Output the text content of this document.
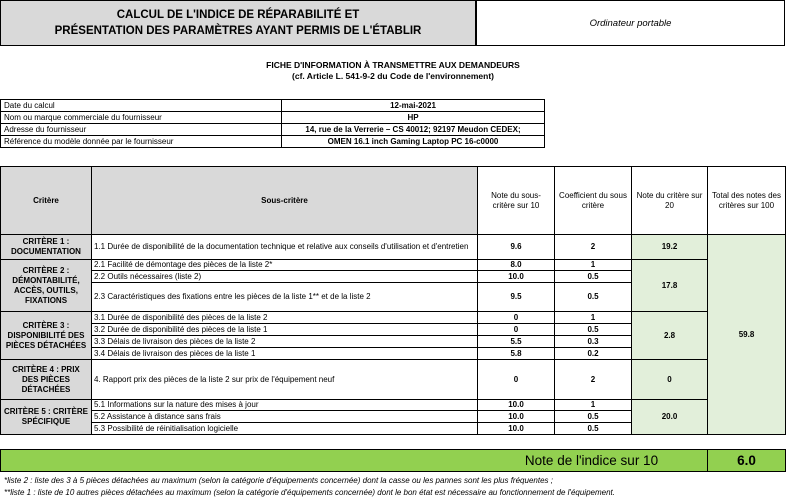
CALCUL DE L'INDICE DE RÉPARABILITÉ ET
PRÉSENTATION DES PARAMÈTRES AYANT PERMIS DE L'ÉTABLIR
Ordinateur portable
FICHE D'INFORMATION À TRANSMETTRE AUX DEMANDEURS
(cf. Article L. 541-9-2 du Code de l'environnement)
Date du calcul	12-mai-2021
Nom ou marque commerciale du fournisseur	HP
Adresse du fournisseur	14, rue de la Verrerie – CS 40012; 92197 Meudon CEDEX;
Référence du modèle donnée par le fournisseur	OMEN 16.1 inch Gaming Laptop PC 16-c0000
Critère	Sous-critère	Note du sous-critère sur 10	Coefficient du sous critère	Note du critère sur 20	Total des notes des critères sur 100
CRITÈRE 1 : DOCUMENTATION	1.1 Durée de disponibilité de la documentation technique et relative aux conseils d'utilisation et d'entretien	9.6	2	19.2	59.8
CRITÈRE 2 : DÉMONTABILITÉ, ACCÈS, OUTILS, FIXATIONS	2.1 Facilité de démontage des pièces de la liste 2*	8.0	1	17.8	
	2.2 Outils nécessaires (liste 2)	10.0	0.5		
	2.3 Caractéristiques des fixations entre les pièces de la liste 1** et de la liste 2	9.5	0.5		
CRITÈRE 3 : DISPONIBILITÉ DES PIÈCES DÉTACHÉES	3.1 Durée de disponibilité des pièces de la liste 2	0	1	2.8	
	3.2 Durée de disponibilité des pièces de la liste 1	0	0.5		
	3.3 Délais de livraison des pièces de la liste 2	5.5	0.3		
	3.4 Délais de livraison des pièces de la liste 1	5.8	0.2		
CRITÈRE 4 : PRIX DES PIÈCES DÉTACHÉES	4. Rapport prix des pièces de la liste 2 sur prix de l'équipement neuf	0	2	0	
CRITÈRE 5 : CRITÈRE SPÉCIFIQUE	5.1 Informations sur la nature des mises à jour	10.0	1	20.0	
	5.2 Assistance à distance sans frais	10.0	0.5		
	5.3 Possibilité de réinitialisation logicielle	10.0	0.5		
Note de l'indice sur 10	6.0
*liste 2 : liste des 3 à 5 pièces détachées au maximum (selon la catégorie d'équipements concernée) dont la casse ou les pannes sont les plus fréquentes ;
**liste 1 : liste de 10 autres pièces détachées au maximum (selon la catégorie d'équipements concernée) dont le bon état est nécessaire au fonctionnement de l'équipement.
